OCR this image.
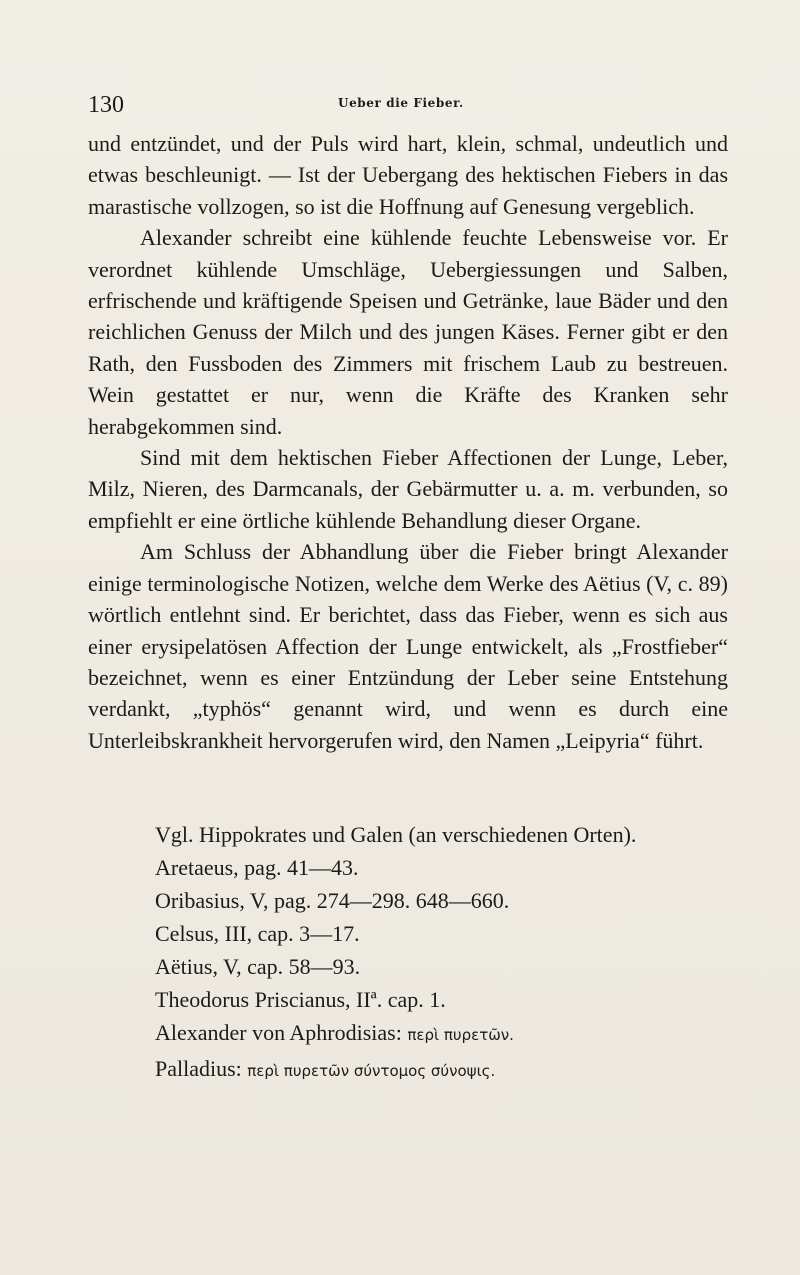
130	Ueber die Fieber.

und entzündet, und der Puls wird hart, klein, schmal, undeutlich und etwas beschleunigt. — Ist der Uebergang des hektischen Fiebers in das marastische vollzogen, so ist die Hoffnung auf Genesung vergeblich.

Alexander schreibt eine kühlende feuchte Lebensweise vor. Er verordnet kühlende Umschläge, Uebergiessungen und Salben, erfrischende und kräftigende Speisen und Getränke, laue Bäder und den reichlichen Genuss der Milch und des jungen Käses. Ferner gibt er den Rath, den Fussboden des Zimmers mit frischem Laub zu bestreuen. Wein gestattet er nur, wenn die Kräfte des Kranken sehr herabgekommen sind.

Sind mit dem hektischen Fieber Affectionen der Lunge, Leber, Milz, Nieren, des Darmcanals, der Gebärmutter u. a. m. verbunden, so empfiehlt er eine örtliche kühlende Behandlung dieser Organe.

Am Schluss der Abhandlung über die Fieber bringt Alexander einige terminologische Notizen, welche dem Werke des Aëtius (V, c. 89) wörtlich entlehnt sind. Er berichtet, dass das Fieber, wenn es sich aus einer erysipelatösen Affection der Lunge entwickelt, als „Frostfieber“ bezeichnet, wenn es einer Entzündung der Leber seine Entstehung verdankt, „typhös“ genannt wird, und wenn es durch eine Unterleibskrankheit hervorgerufen wird, den Namen „Leipyria“ führt.

Vgl. Hippokrates und Galen (an verschiedenen Orten).
Aretaeus, pag. 41—43.
Oribasius, V, pag. 274—298. 648—660.
Celsus, III, cap. 3—17.
Aëtius, V, cap. 58—93.
Theodorus Priscianus, IIª. cap. 1.
Alexander von Aphrodisias: περὶ πυρετῶν.
Palladius: περὶ πυρετῶν σύντομος σύνοψις.
